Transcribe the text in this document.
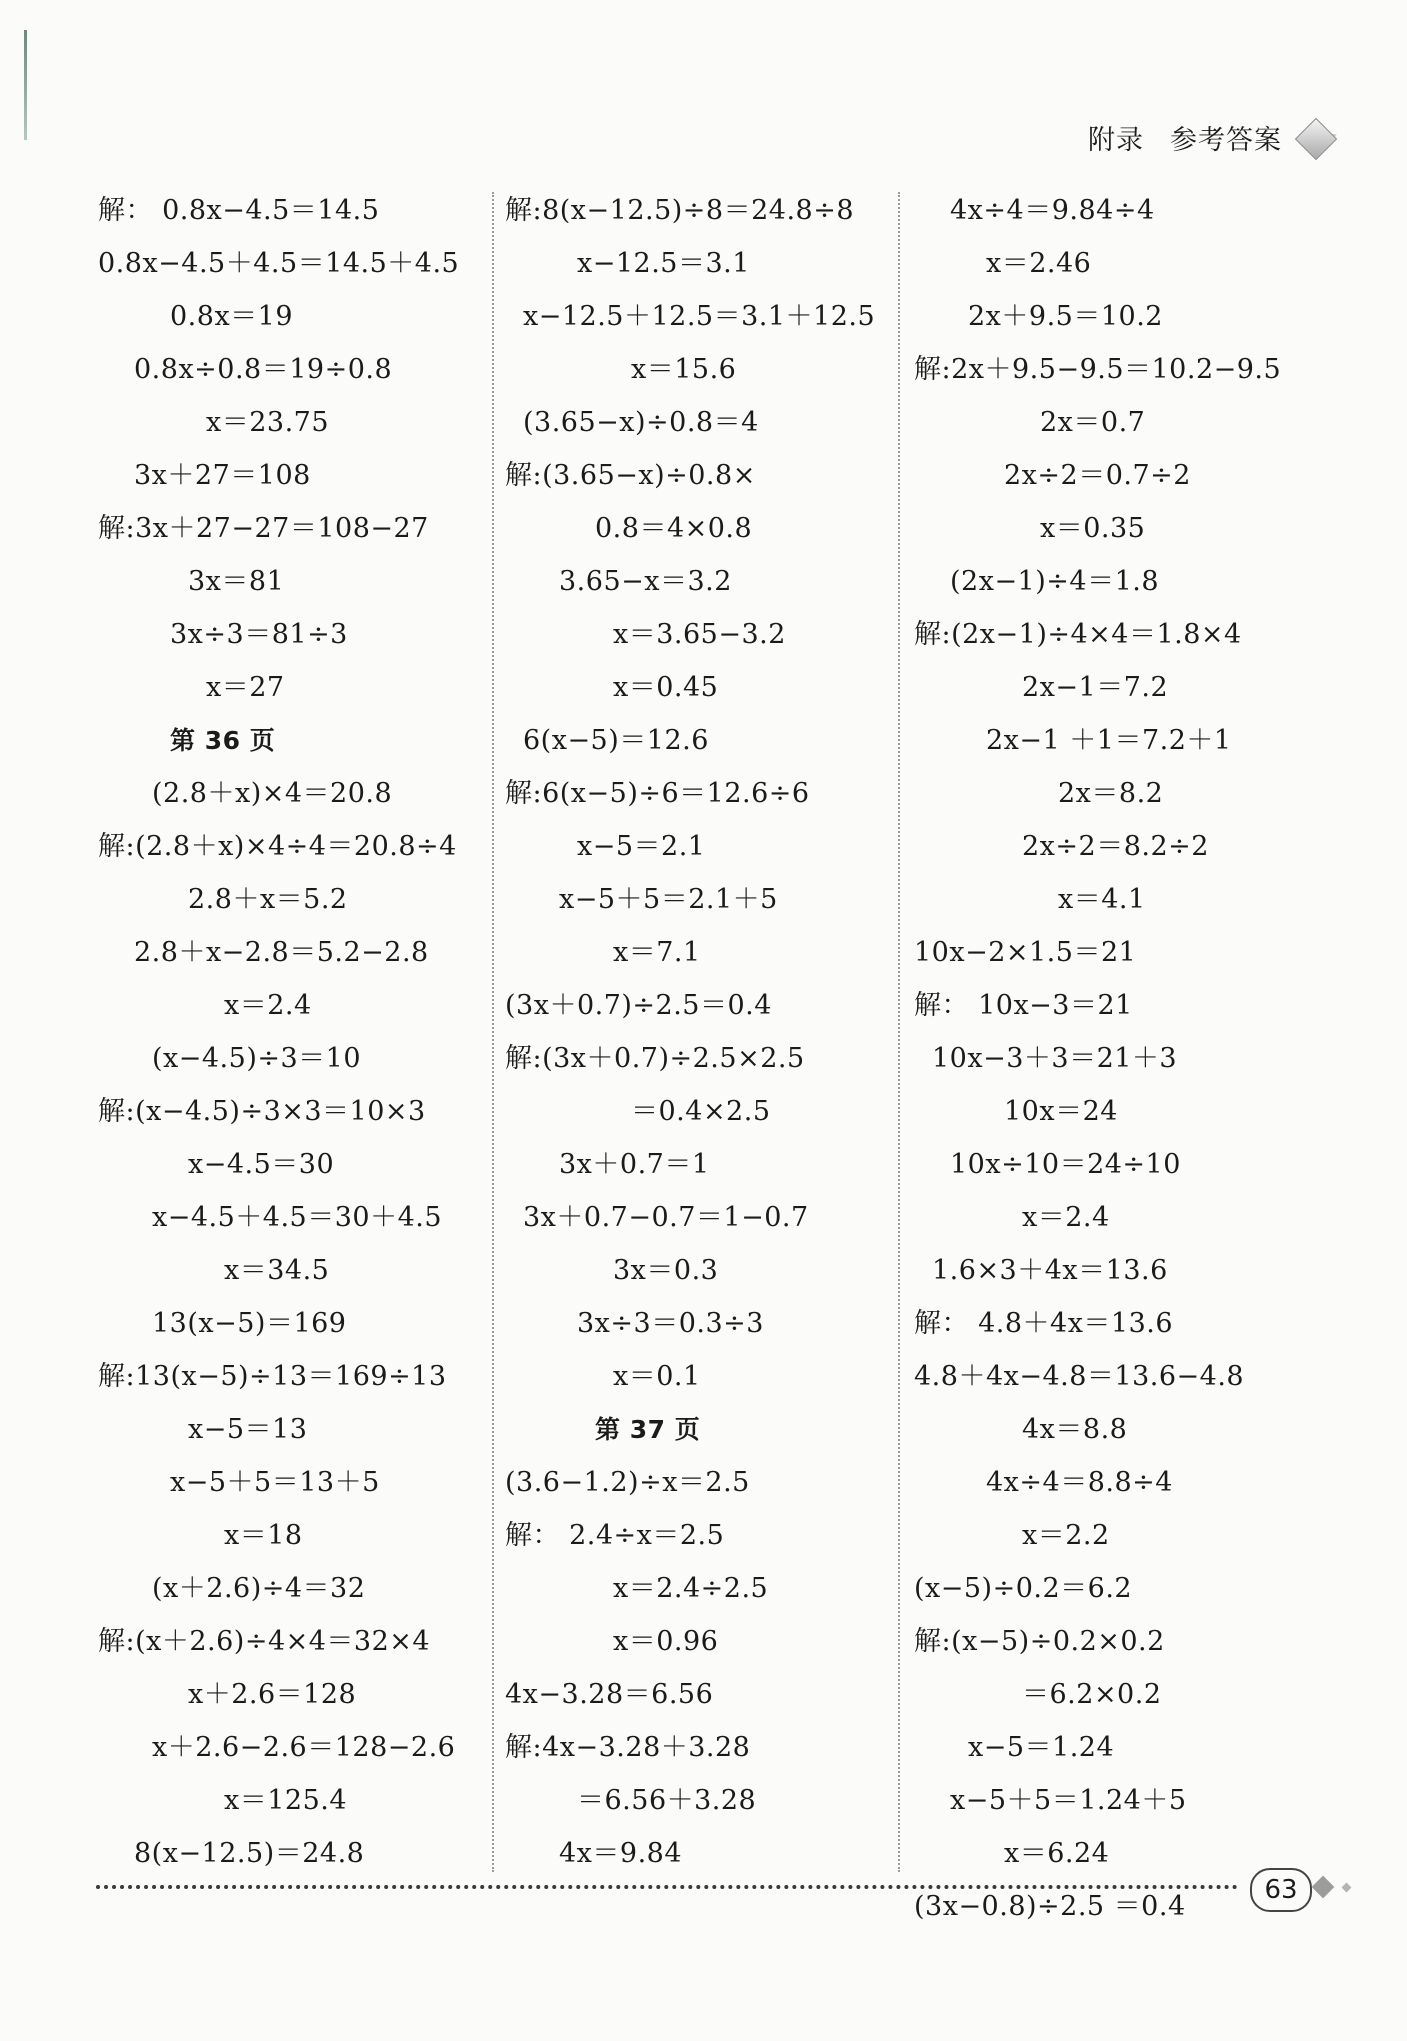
附录 参考答案
解： 0.8x−4.5＝14.5
0.8x−4.5＋4.5＝14.5＋4.5
0.8x＝19
0.8x÷0.8＝19÷0.8
x＝23.75
3x＋27＝108
解:3x＋27−27＝108−27
3x＝81
3x÷3＝81÷3
x＝27
第 36 页
(2.8＋x)×4＝20.8
解:(2.8＋x)×4÷4＝20.8÷4
2.8＋x＝5.2
2.8＋x−2.8＝5.2−2.8
x＝2.4
(x−4.5)÷3＝10
解:(x−4.5)÷3×3＝10×3
x−4.5＝30
x−4.5＋4.5＝30＋4.5
x＝34.5
13(x−5)＝169
解:13(x−5)÷13＝169÷13
x−5＝13
x−5＋5＝13＋5
x＝18
(x＋2.6)÷4＝32
解:(x＋2.6)÷4×4＝32×4
x＋2.6＝128
x＋2.6−2.6＝128−2.6
x＝125.4
8(x−12.5)＝24.8
解:8(x−12.5)÷8＝24.8÷8
x−12.5＝3.1
x−12.5＋12.5＝3.1＋12.5
x＝15.6
(3.65−x)÷0.8＝4
解:(3.65−x)÷0.8×
0.8＝4×0.8
3.65−x＝3.2
x＝3.65−3.2
x＝0.45
6(x−5)＝12.6
解:6(x−5)÷6＝12.6÷6
x−5＝2.1
x−5＋5＝2.1＋5
x＝7.1
(3x＋0.7)÷2.5＝0.4
解:(3x＋0.7)÷2.5×2.5
＝0.4×2.5
3x＋0.7＝1
3x＋0.7−0.7＝1−0.7
3x＝0.3
3x÷3＝0.3÷3
x＝0.1
第 37 页
(3.6−1.2)÷x＝2.5
解： 2.4÷x＝2.5
x＝2.4÷2.5
x＝0.96
4x−3.28＝6.56
解:4x−3.28＋3.28
＝6.56＋3.28
4x＝9.84
4x÷4＝9.84÷4
x＝2.46
2x＋9.5＝10.2
解:2x＋9.5−9.5＝10.2−9.5
2x＝0.7
2x÷2＝0.7÷2
x＝0.35
(2x−1)÷4＝1.8
解:(2x−1)÷4×4＝1.8×4
2x−1＝7.2
2x−1 ＋1＝7.2＋1
2x＝8.2
2x÷2＝8.2÷2
x＝4.1
10x−2×1.5＝21
解： 10x−3＝21
10x−3＋3＝21＋3
10x＝24
10x÷10＝24÷10
x＝2.4
1.6×3＋4x＝13.6
解： 4.8＋4x＝13.6
4.8＋4x−4.8＝13.6−4.8
4x＝8.8
4x÷4＝8.8÷4
x＝2.2
(x−5)÷0.2＝6.2
解:(x−5)÷0.2×0.2
＝6.2×0.2
x−5＝1.24
x−5＋5＝1.24＋5
x＝6.24
(3x−0.8)÷2.5 ＝0.4
63
